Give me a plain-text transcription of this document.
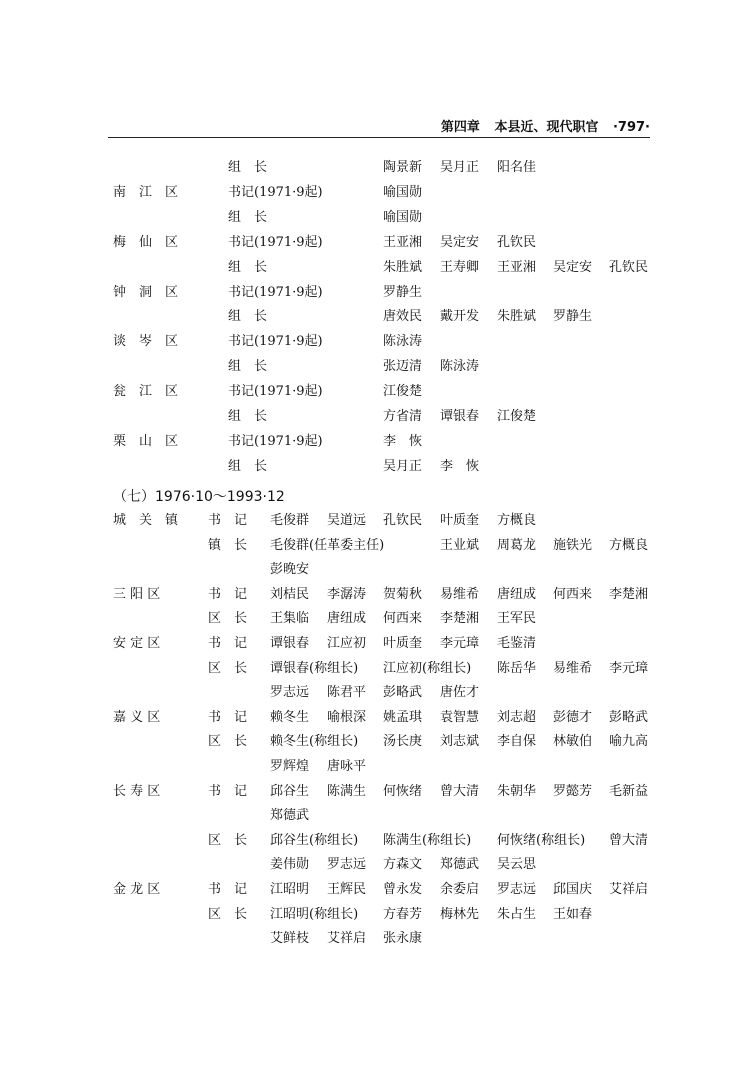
第四章 本县近、现代职官 ·797·
组　长	陶景新 吴月正 阳名佳
南　江　区	书记(1971·9起)	喻国勋
组　长	喻国勋
梅　仙　区	书记(1971·9起)	王亚湘 吴定安 孔钦民
组　长	朱胜斌 王寿卿 王亚湘 吴定安 孔钦民
钟　洞　区	书记(1971·9起)	罗静生
组　长	唐效民 戴开发 朱胜斌 罗静生
谈　岑　区	书记(1971·9起)	陈泳涛
组　长	张迈清 陈泳涛
瓮　江　区	书记(1971·9起)	江俊楚
组　长	方省清 谭银春 江俊楚
栗　山　区	书记(1971·9起)	李　恢
组　长	吴月正 李　恢
（七）1976·10～1993·12
城　关　镇 书　记 毛俊群 吴道远 孔钦民 叶质奎 方概良
镇　长 毛俊群(任革委主任)	王业斌 周葛龙 施铁光 方概良
彭晚安
三 阳 区	书　记 刘桔民 李潺涛 贺菊秋 易维希 唐纽成 何西来 李楚湘
区　长 王集临 唐纽成 何西来 李楚湘 王军民
安 定 区	书　记 谭银春 江应初 叶质奎 李元璋 毛鉴清
区　长 谭银春(称组长) 江应初(称组长) 陈岳华 易维希 李元璋
罗志远 陈君平 彭略武 唐佐才
嘉 义 区	书　记 赖冬生 喻根深 姚孟琪 袁智慧 刘志超 彭德才 彭略武
区　长 赖冬生(称组长) 汤长庚 刘志斌 李自保 林敏伯 喻九高
罗辉煌 唐咏平
长 寿 区	书　记 邱谷生 陈满生 何恢绪 曾大清 朱朝华 罗懿芳 毛新益
郑德武
区　长 邱谷生(称组长) 陈满生(称组长) 何恢绪(称组长) 曾大清
姜伟勋 罗志远 方森文 郑德武 吴云思
金 龙 区	书　记 江昭明 王辉民 曾永发 余委启 罗志远 邱国庆 艾祥启
区　长 江昭明(称组长) 方春芳 梅林先 朱占生 王如春
艾鲜枝 艾祥启 张永康
